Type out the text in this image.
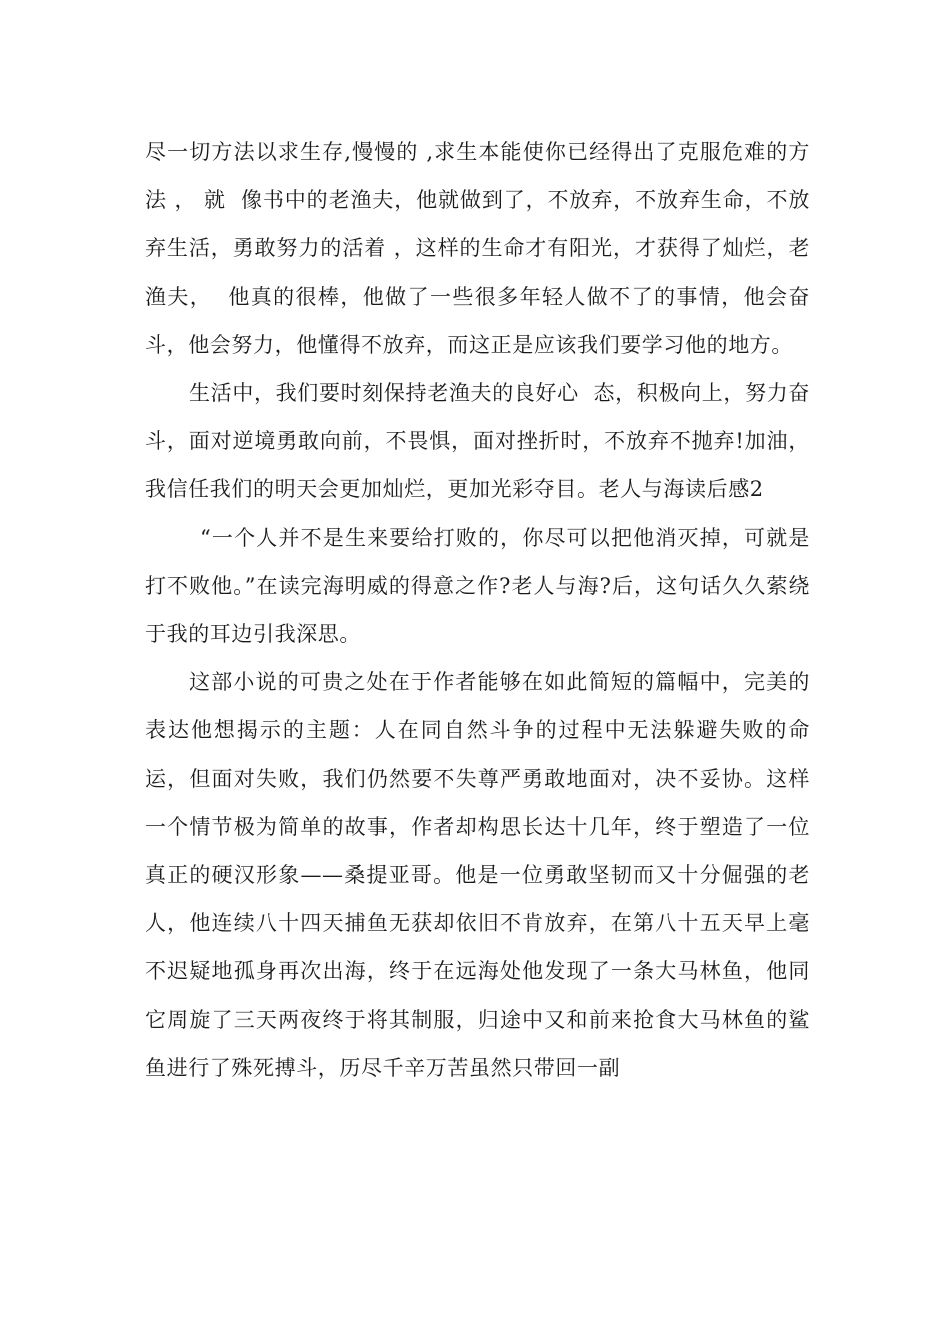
尽一切方法以求生存,慢慢的 ,求生本能使你已经得出了克服危难的方法 ， 就  像书中的老渔夫，他就做到了，不放弃，不放弃生命，不放弃生活，勇敢努力的活着 ，这样的生命才有阳光，才获得了灿烂，老渔夫，  他真的很棒，他做了一些很多年轻人做不了的事情，他会奋斗，他会努力，他懂得不放弃，而这正是应该我们要学习他的地方。

生活中，我们要时刻保持老渔夫的良好心  态，积极向上，努力奋斗，面对逆境勇敢向前，不畏惧，面对挫折时，不放弃不抛弃!加油，我信任我们的明天会更加灿烂，更加光彩夺目。老人与海读后感2

“一个人并不是生来要给打败的，你尽可以把他消灭掉，可就是打不败他。”在读完海明威的得意之作?老人与海?后，这句话久久萦绕于我的耳边引我深思。

这部小说的可贵之处在于作者能够在如此简短的篇幅中，完美的表达他想揭示的主题：人在同自然斗争的过程中无法躲避失败的命运，但面对失败，我们仍然要不失尊严勇敢地面对，决不妥协。这样一个情节极为简单的故事，作者却构思长达十几年，终于塑造了一位真正的硬汉形象——桑提亚哥。他是一位勇敢坚韧而又十分倔强的老人，他连续八十四天捕鱼无获却依旧不肯放弃，在第八十五天早上毫不迟疑地孤身再次出海，终于在远海处他发现了一条大马林鱼，他同它周旋了三天两夜终于将其制服，归途中又和前来抢食大马林鱼的鲨鱼进行了殊死搏斗，历尽千辛万苦虽然只带回一副
